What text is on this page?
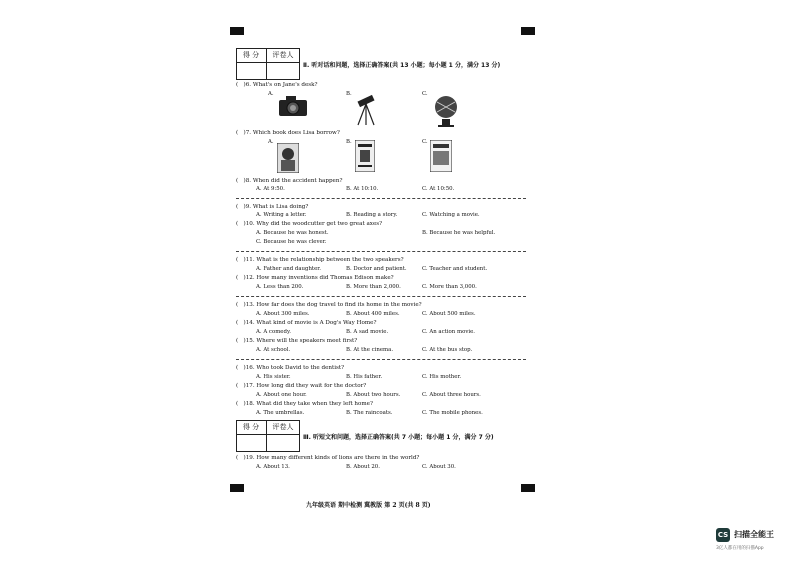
得 分	评卷人
Ⅱ. 听对话和问题，选择正确答案(共 13 小题；每小题 1 分，满分 13 分)
( )6. What's on Jane's desk?
A.	B.	C.
( )7. Which book does Lisa borrow?
A.	B.	C.
( )8. When did the accident happen?
A. At 9:50.	B. At 10:10.	C. At 10:50.
( )9. What is Lisa doing?
A. Writing a letter.	B. Reading a story.	C. Watching a movie.
( )10. Why did the woodcutter get two great axes?
A. Because he was honest.	B. Because he was helpful.
C. Because he was clever.
( )11. What is the relationship between the two speakers?
A. Father and daughter.	B. Doctor and patient.	C. Teacher and student.
( )12. How many inventions did Thomas Edison make?
A. Less than 200.	B. More than 2,000.	C. More than 3,000.
( )13. How far does the dog travel to find its home in the movie?
A. About 300 miles.	B. About 400 miles.	C. About 500 miles.
( )14. What kind of movie is A Dog's Way Home?
A. A comedy.	B. A sad movie.	C. An action movie.
( )15. Where will the speakers meet first?
A. At school.	B. At the cinema.	C. At the bus stop.
( )16. Who took David to the dentist?
A. His sister.	B. His father.	C. His mother.
( )17. How long did they wait for the doctor?
A. About one hour.	B. About two hours.	C. About three hours.
( )18. What did they take when they left home?
A. The umbrellas.	B. The raincoats.	C. The mobile phones.
得 分	评卷人
Ⅲ. 听短文和问题，选择正确答案(共 7 小题；每小题 1 分，满分 7 分)
( )19. How many different kinds of lions are there in the world?
A. About 13.	B. About 20.	C. About 30.
九年级英语 期中检测 冀教版 第 2 页(共 8 页)
CS 扫描全能王
3亿人都在用的扫描App
